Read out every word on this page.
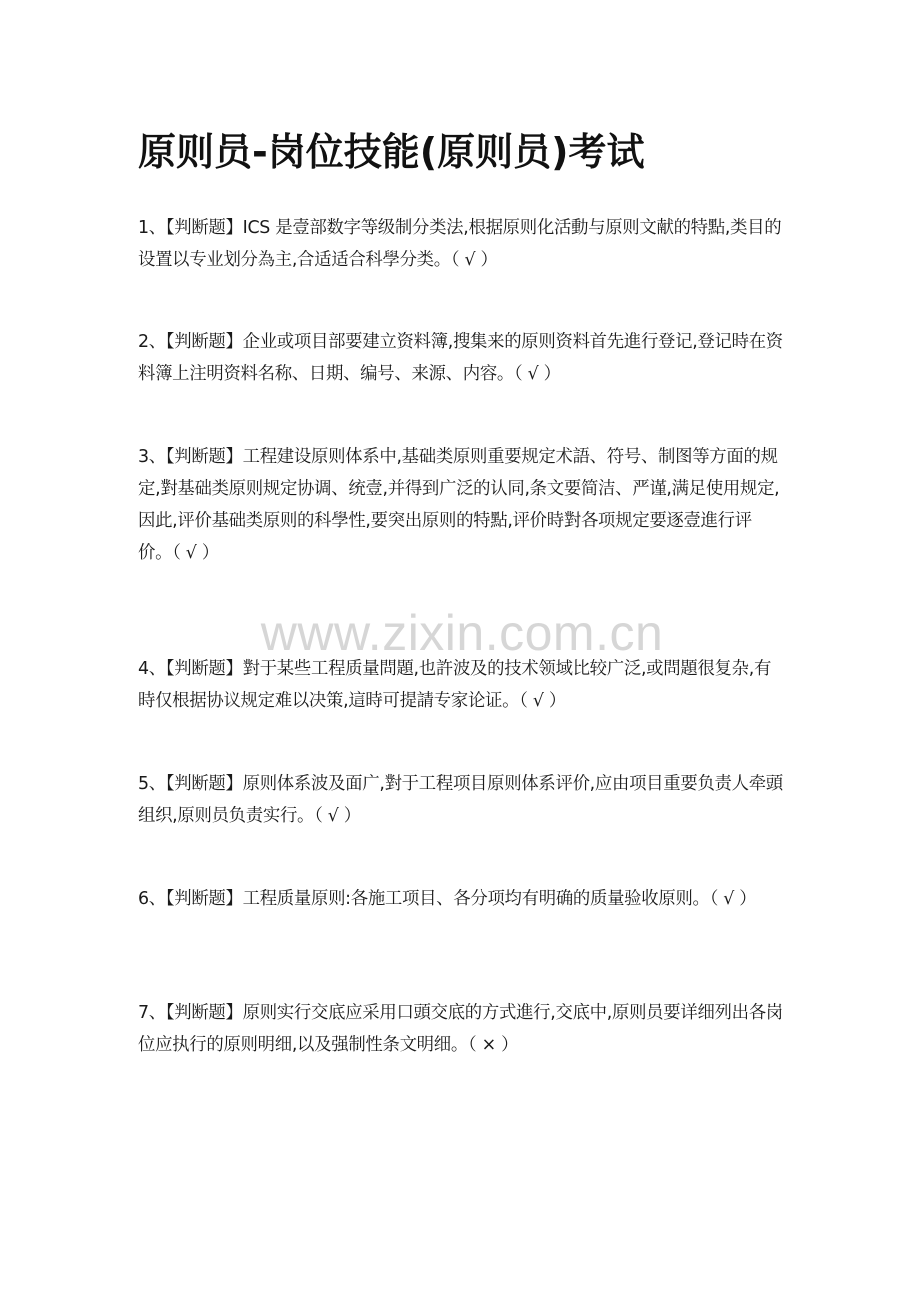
原则员-岗位技能(原则员)考试
1、【判断题】ICS 是壹部数字等级制分类法,根据原则化活動与原则文献的特點,类目的设置以专业划分為主,合适适合科學分类。（ √ ）
2、【判断题】企业或项目部要建立资料簿,搜集来的原则资料首先進行登记,登记時在资料簿上注明资料名称、日期、编号、来源、内容。（ √ ）
3、【判断题】工程建设原则体系中,基础类原则重要规定术語、符号、制图等方面的规定,對基础类原则规定协调、统壹,并得到广泛的认同,条文要简洁、严谨,满足使用规定,因此,评价基础类原则的科學性,要突出原则的特點,评价時對各项规定要逐壹進行评价。（ √ ）
www.zixin.com.cn
4、【判断题】對于某些工程质量問題,也許波及的技术领域比较广泛,或問題很复杂,有時仅根据协议规定难以决策,這時可提請专家论证。（ √ ）
5、【判断题】原则体系波及面广,對于工程项目原则体系评价,应由项目重要负责人牵頭组织,原则员负责实行。（ √ ）
6、【判断题】工程质量原则:各施工项目、各分项均有明确的质量验收原则。（ √ ）
7、【判断题】原则实行交底应采用口頭交底的方式進行,交底中,原则员要详细列出各岗位应执行的原则明细,以及强制性条文明细。（ × ）
